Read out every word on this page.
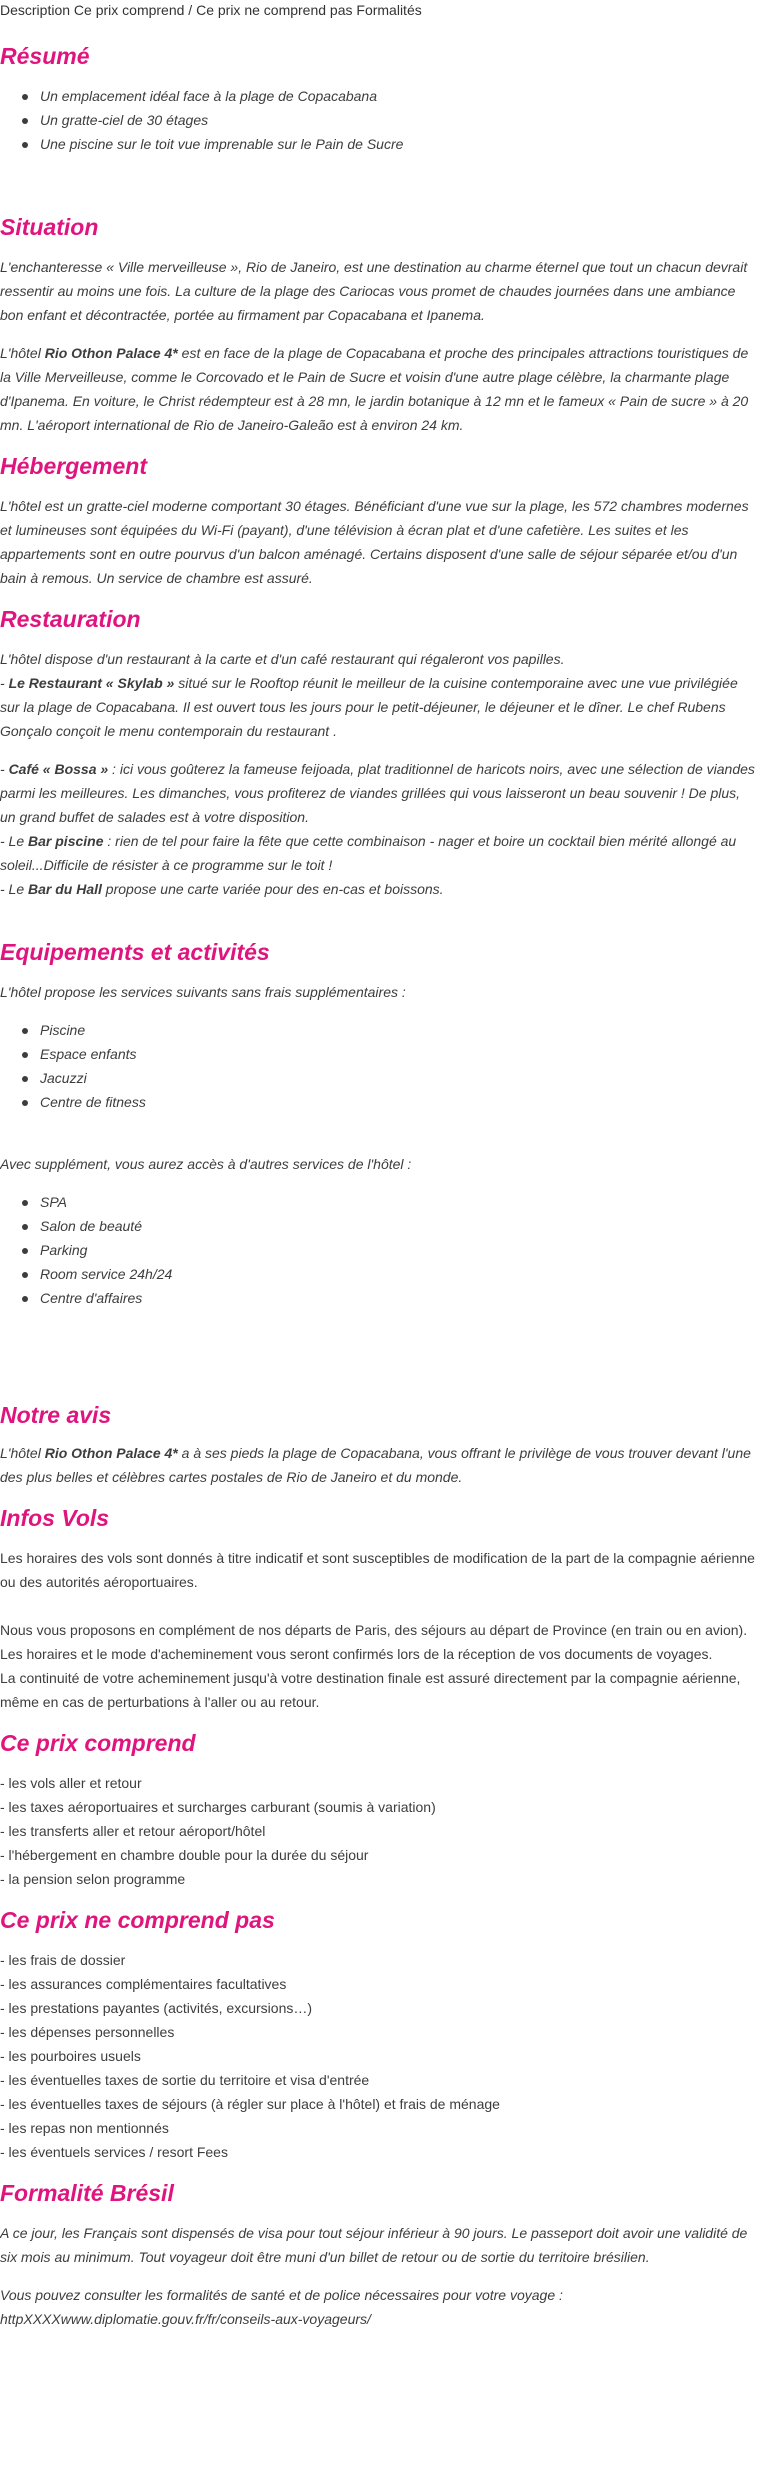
Description Ce prix comprend / Ce prix ne comprend pas Formalités
Résumé
Un emplacement idéal face à la plage de Copacabana
Un gratte-ciel de 30 étages
Une piscine sur le toit vue imprenable sur le Pain de Sucre
Situation

L'enchanteresse « Ville merveilleuse », Rio de Janeiro, est une destination au charme éternel que tout un chacun devrait ressentir au moins une fois. La culture de la plage des Cariocas vous promet de chaudes journées dans une ambiance bon enfant et décontractée, portée au firmament par Copacabana et Ipanema.

L'hôtel Rio Othon Palace 4* est en face de la plage de Copacabana et proche des principales attractions touristiques de la Ville Merveilleuse, comme le Corcovado et le Pain de Sucre et voisin d'une autre plage célèbre, la charmante plage d'Ipanema. En voiture, le Christ rédempteur est à 28 mn, le jardin botanique à 12 mn et le fameux « Pain de sucre » à 20 mn. L'aéroport international de Rio de Janeiro-Galeão est à environ 24 km.

Hébergement

L'hôtel est un gratte-ciel moderne comportant 30 étages. Bénéficiant d'une vue sur la plage, les 572 chambres modernes et lumineuses sont équipées du Wi-Fi (payant), d'une télévision à écran plat et d'une cafetière. Les suites et les appartements sont en outre pourvus d'un balcon aménagé. Certains disposent d'une salle de séjour séparée et/ou d'un bain à remous. Un service de chambre est assuré.

Restauration

L'hôtel dispose d'un restaurant à la carte et d'un café restaurant qui régaleront vos papilles.

- Le Restaurant « Skylab » situé sur le Rooftop réunit le meilleur de la cuisine contemporaine avec une vue privilégiée sur la plage de Copacabana. Il est ouvert tous les jours pour le petit-déjeuner, le déjeuner et le dîner. Le chef Rubens Gonçalo conçoit le menu contemporain du restaurant .

- Café « Bossa » : ici vous goûterez la fameuse feijoada, plat traditionnel de haricots noirs, avec une sélection de viandes parmi les meilleures. Les dimanches, vous profiterez de viandes grillées qui vous laisseront un beau souvenir ! De plus, un grand buffet de salades est à votre disposition.

- Le Bar piscine : rien de tel pour faire la fête que cette combinaison - nager et boire un cocktail bien mérité allongé au soleil...Difficile de résister à ce programme sur le toit !

- Le Bar du Hall propose une carte variée pour des en-cas et boissons.

Equipements et activités

L'hôtel propose les services suivants sans frais supplémentaires :

Piscine
Espace enfants
Jacuzzi
Centre de fitness

Avec supplément, vous aurez accès à d'autres services de l'hôtel :

SPA
Salon de beauté
Parking
Room service 24h/24
Centre d'affaires
Notre avis

L'hôtel Rio Othon Palace 4* a à ses pieds la plage de Copacabana, vous offrant le privilège de vous trouver devant l'une des plus belles et célèbres cartes postales de Rio de Janeiro et du monde.

Infos Vols

Les horaires des vols sont donnés à titre indicatif et sont susceptibles de modification de la part de la compagnie aérienne ou des autorités aéroportuaires.

Nous vous proposons en complément de nos départs de Paris, des séjours au départ de Province (en train ou en avion).

Les horaires et le mode d'acheminement vous seront confirmés lors de la réception de vos documents de voyages.

La continuité de votre acheminement jusqu'à votre destination finale est assuré directement par la compagnie aérienne, même en cas de perturbations à l'aller ou au retour.

Ce prix comprend

- les vols aller et retour

- les taxes aéroportuaires et surcharges carburant (soumis à variation)

- les transferts aller et retour aéroport/hôtel

- l'hébergement en chambre double pour la durée du séjour

- la pension selon programme

Ce prix ne comprend pas

- les frais de dossier

- les assurances complémentaires facultatives

- les prestations payantes (activités, excursions…)

- les dépenses personnelles

- les pourboires usuels

- les éventuelles taxes de sortie du territoire et visa d'entrée

- les éventuelles taxes de séjours (à régler sur place à l'hôtel) et frais de ménage

- les repas non mentionnés

- les éventuels services / resort Fees

Formalité Brésil

A ce jour, les Français sont dispensés de visa pour tout séjour inférieur à 90 jours. Le passeport doit avoir une validité de six mois au minimum. Tout voyageur doit être muni d'un billet de retour ou de sortie du territoire brésilien.

Vous pouvez consulter les formalités de santé et de police nécessaires pour votre voyage :

httpXXXXwww.diplomatie.gouv.fr/fr/conseils-aux-voyageurs/
